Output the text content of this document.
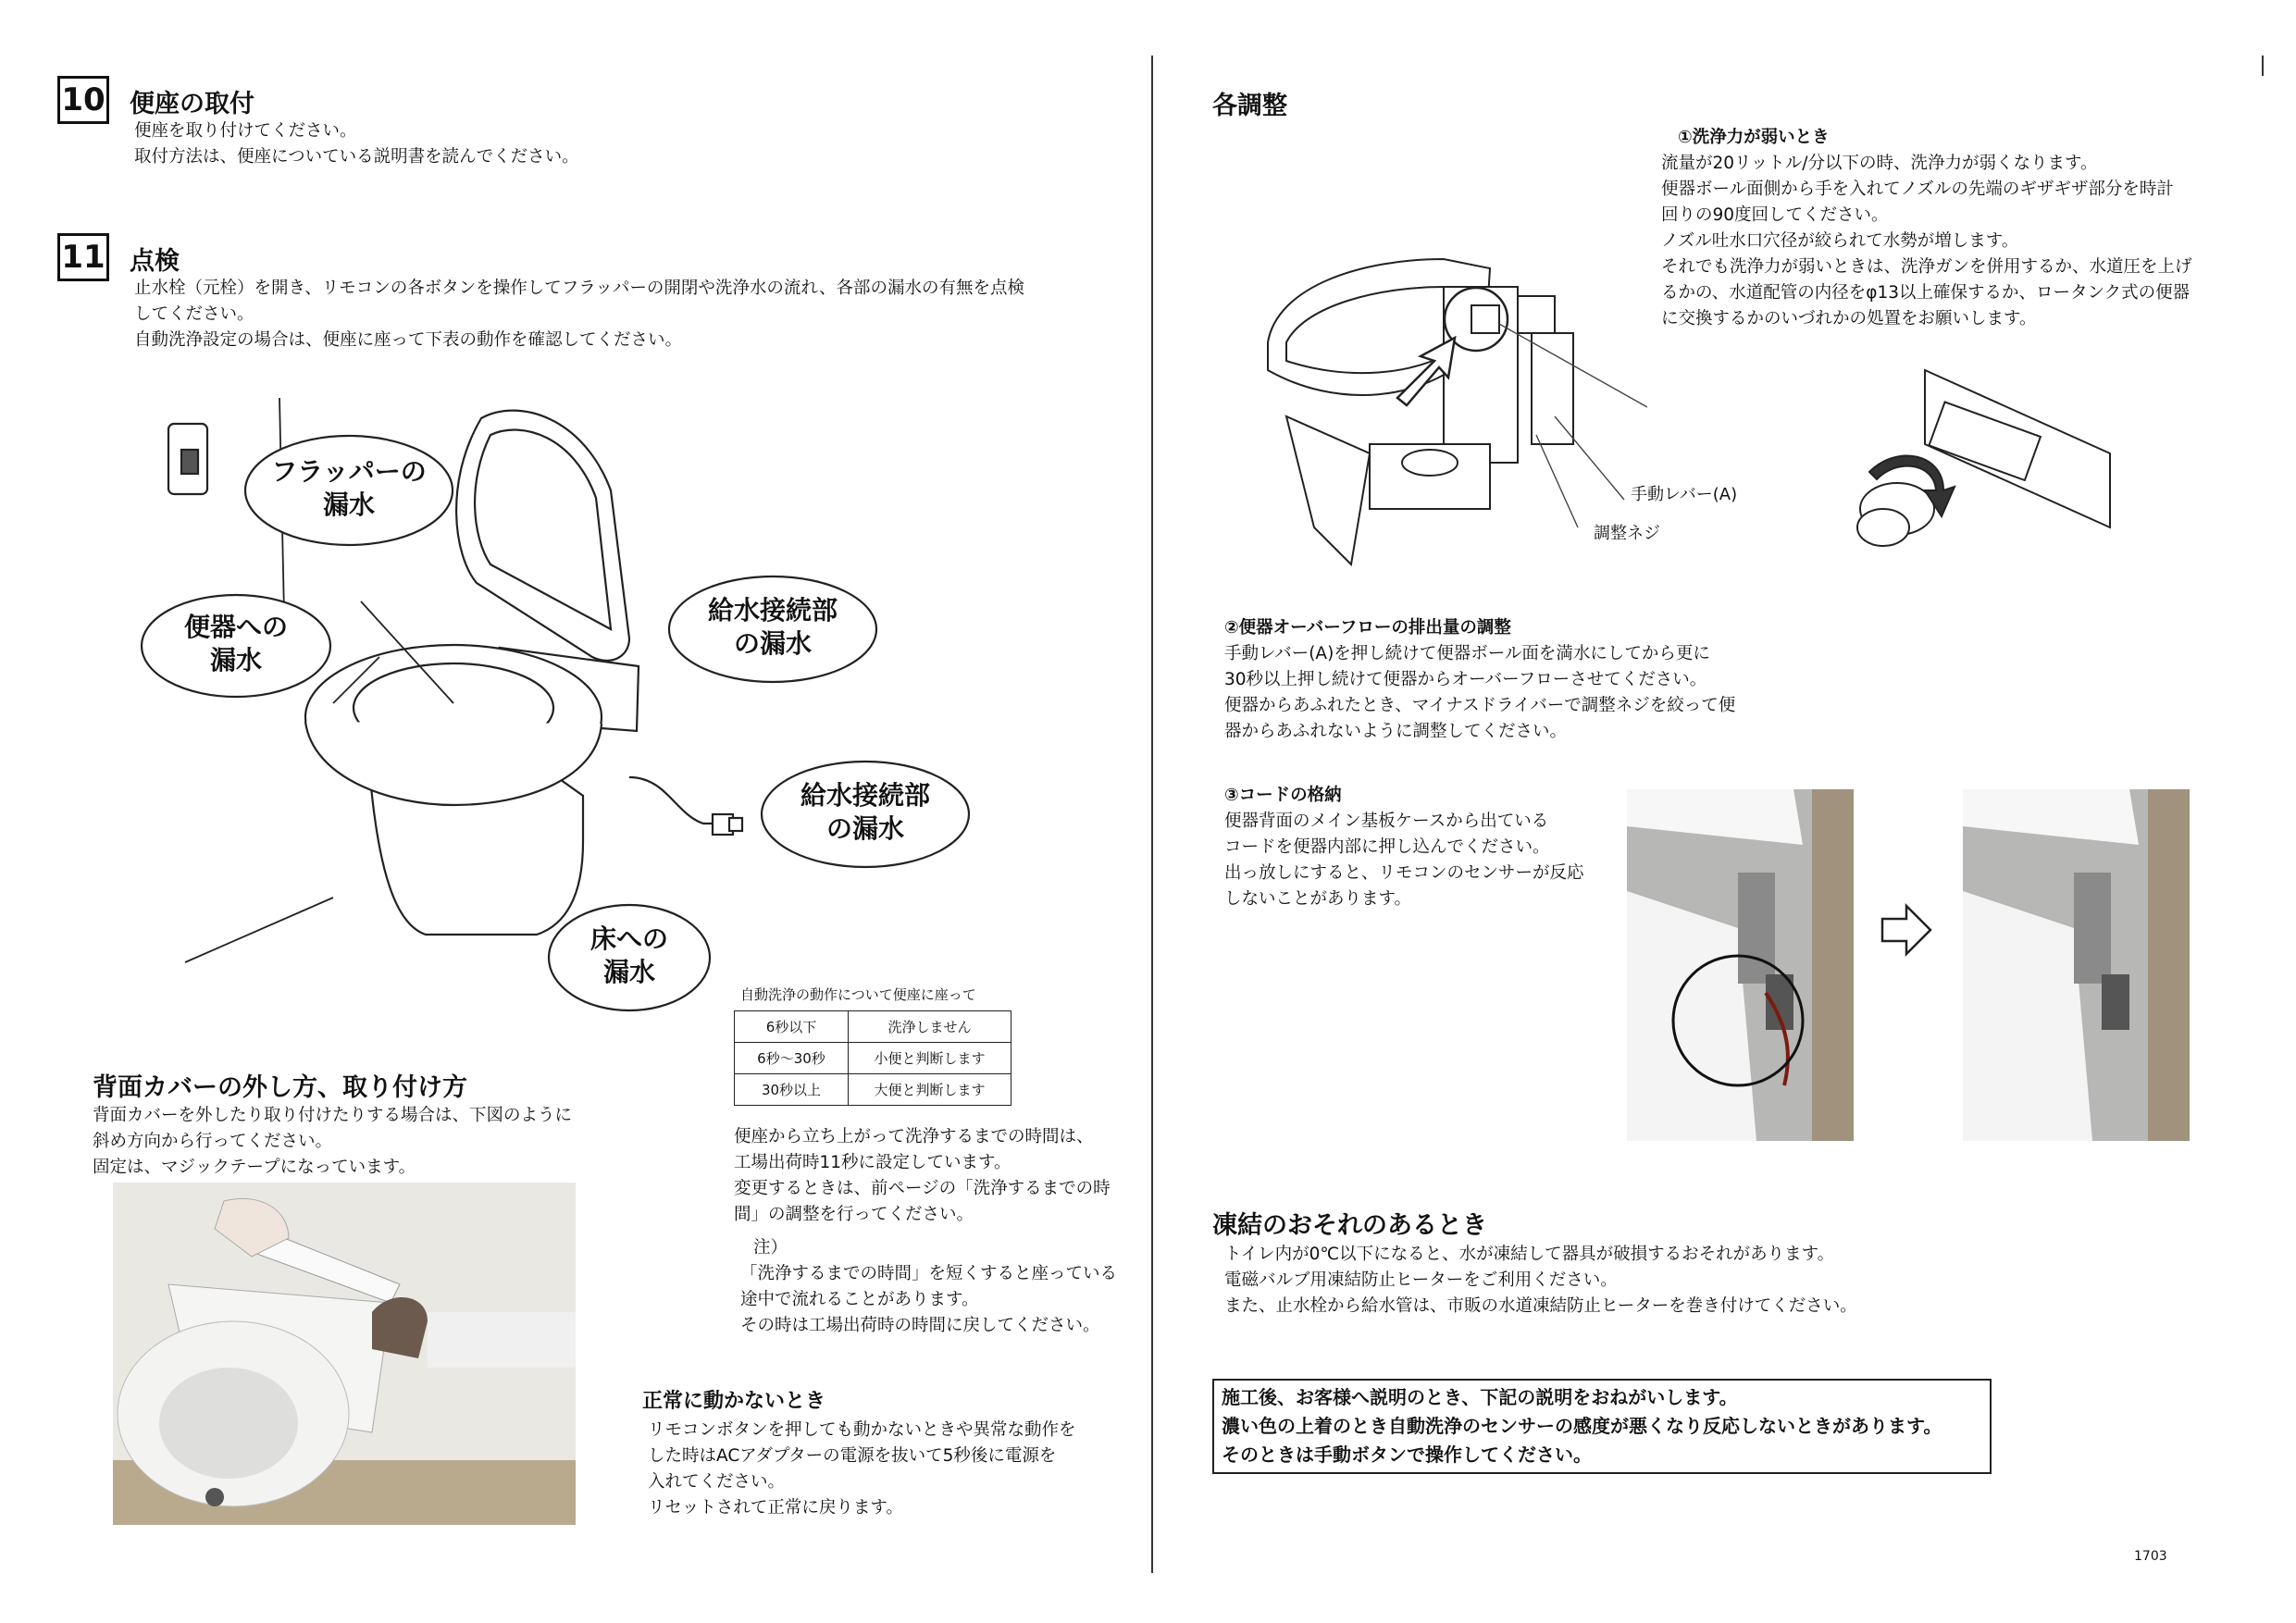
10 便座の取付

便座を取り付けてください。

取付方法は、便座についている説明書を読んでください。

11 点検

止水栓（元栓）を開き、リモコンの各ボタンを操作してフラッパーの開閉や洗浄水の流れ、各部の漏水の有無を点検

してください。

自動洗浄設定の場合は、便座に座って下表の動作を確認してください。

フラッパーの
漏水
便器への
漏水
給水接続部
の漏水
給水接続部
の漏水
床への
漏水
自動洗浄の動作について便座に座って
6秒以下	洗浄しません
6秒～30秒	小便と判断します
30秒以上	大便と判断します

便座から立ち上がって洗浄するまでの時間は、

工場出荷時11秒に設定しています。

変更するときは、前ページの「洗浄するまでの時

間」の調整を行ってください。

注）

「洗浄するまでの時間」を短くすると座っている

途中で流れることがあります。

その時は工場出荷時の時間に戻してください。

背面カバーの外し方、取り付け方

背面カバーを外したり取り付けたりする場合は、下図のように

斜め方向から行ってください。

固定は、マジックテープになっています。

正常に動かないとき

リモコンボタンを押しても動かないときや異常な動作を

した時はACアダプターの電源を抜いて5秒後に電源を

入れてください。

リセットされて正常に戻ります。

各調整

①洗浄力が弱いとき

流量が20リットル/分以下の時、洗浄力が弱くなります。

便器ボール面側から手を入れてノズルの先端のギザギザ部分を時計

回りの90度回してください。

ノズル吐水口穴径が絞られて水勢が増します。

それでも洗浄力が弱いときは、洗浄ガンを併用するか、水道圧を上げ

るかの、水道配管の内径をφ13以上確保するか、ロータンク式の便器

に交換するかのいづれかの処置をお願いします。

手動レバー(A)
調整ネジ

②便器オーバーフローの排出量の調整

手動レバー(A)を押し続けて便器ボール面を満水にしてから更に

30秒以上押し続けて便器からオーバーフローさせてください。

便器からあふれたとき、マイナスドライバーで調整ネジを絞って便

器からあふれないように調整してください。

③コードの格納

便器背面のメイン基板ケースから出ている

コードを便器内部に押し込んでください。

出っ放しにすると、リモコンのセンサーが反応

しないことがあります。

凍結のおそれのあるとき

トイレ内が0℃以下になると、水が凍結して器具が破損するおそれがあります。

電磁バルブ用凍結防止ヒーターをご利用ください。

また、止水栓から給水管は、市販の水道凍結防止ヒーターを巻き付けてください。

施工後、お客様へ説明のとき、下記の説明をおねがいします。
濃い色の上着のとき自動洗浄のセンサーの感度が悪くなり反応しないときがあります。
そのときは手動ボタンで操作してください。
1703
